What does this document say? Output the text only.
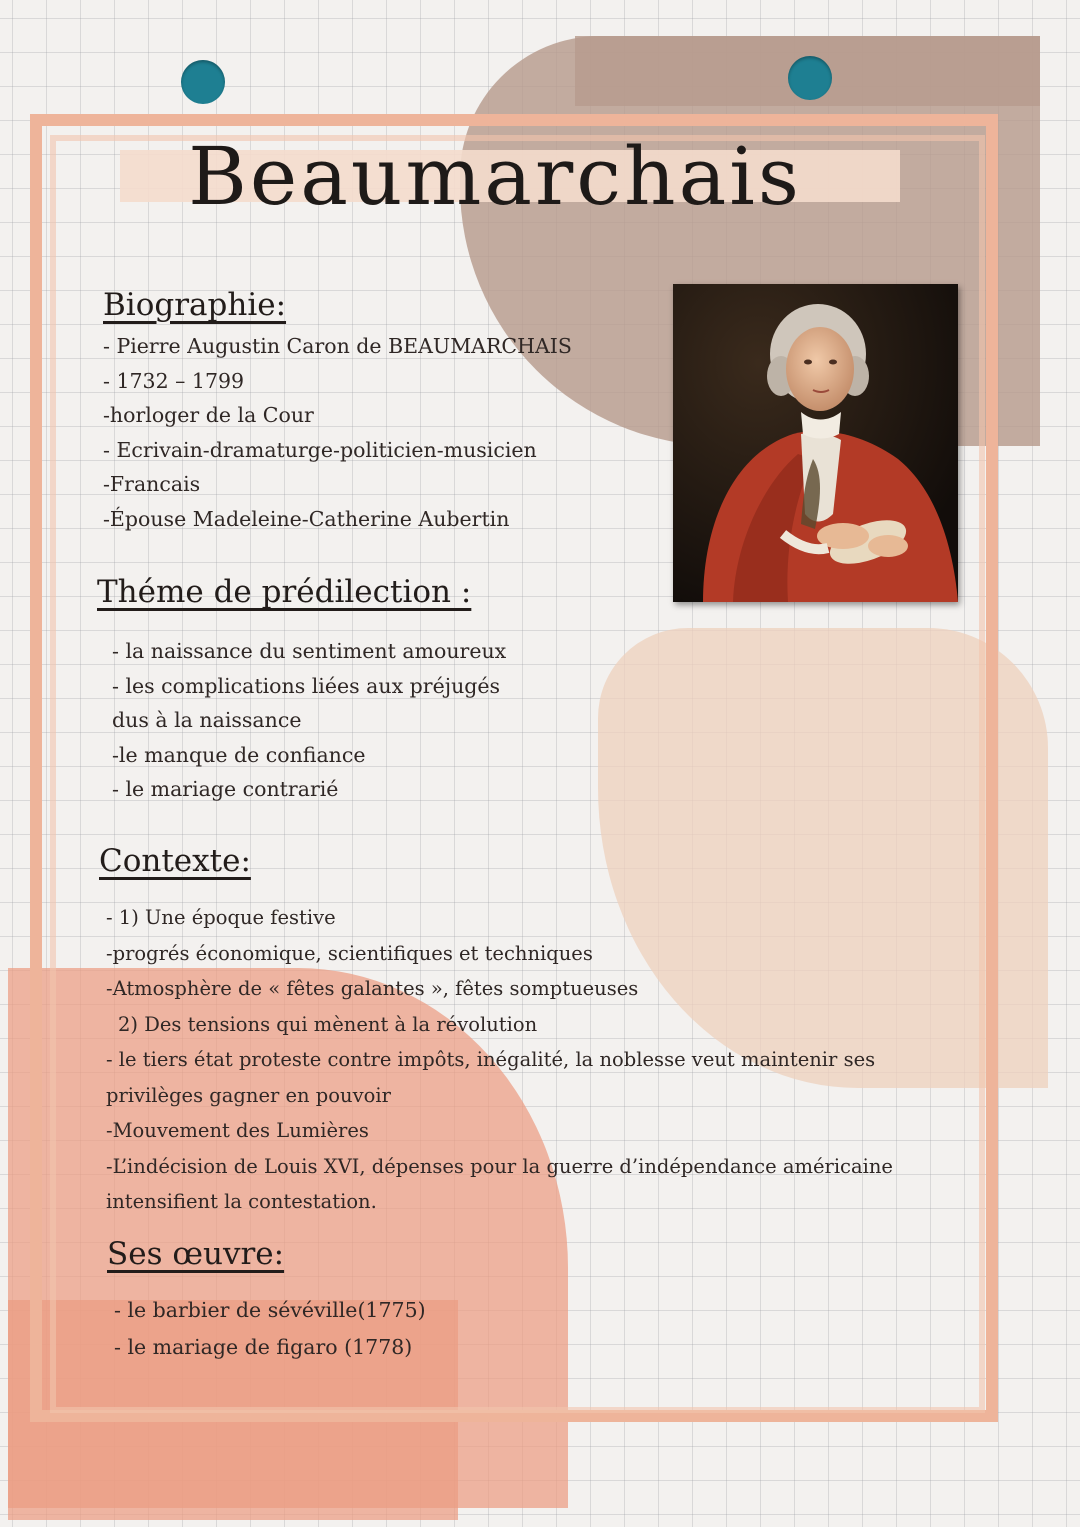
Beaumarchais
Biographie:
- Pierre Augustin Caron de BEAUMARCHAIS
- 1732 – 1799
-horloger de la Cour
- Ecrivain-dramaturge-politicien-musicien
-Francais
-Épouse Madeleine-Catherine Aubertin
Théme de prédilection :
- la naissance du sentiment amoureux
- les complications liées aux préjugés
dus à la naissance
-le manque de confiance
- le mariage contrarié
Contexte:
- 1) Une époque festive
-progrés économique, scientifiques et techniques
-Atmosphère de « fêtes galantes », fêtes somptueuses
2) Des tensions qui mènent à la révolution
- le tiers état proteste contre impôts, inégalité, la noblesse veut maintenir ses
privilèges gagner en pouvoir
-Mouvement des Lumières
-L’indécision de Louis XVI, dépenses pour la guerre d’indépendance américaine
intensifient la contestation.
Ses œuvre:
- le barbier de sévéville(1775)
- le mariage de figaro (1778)
